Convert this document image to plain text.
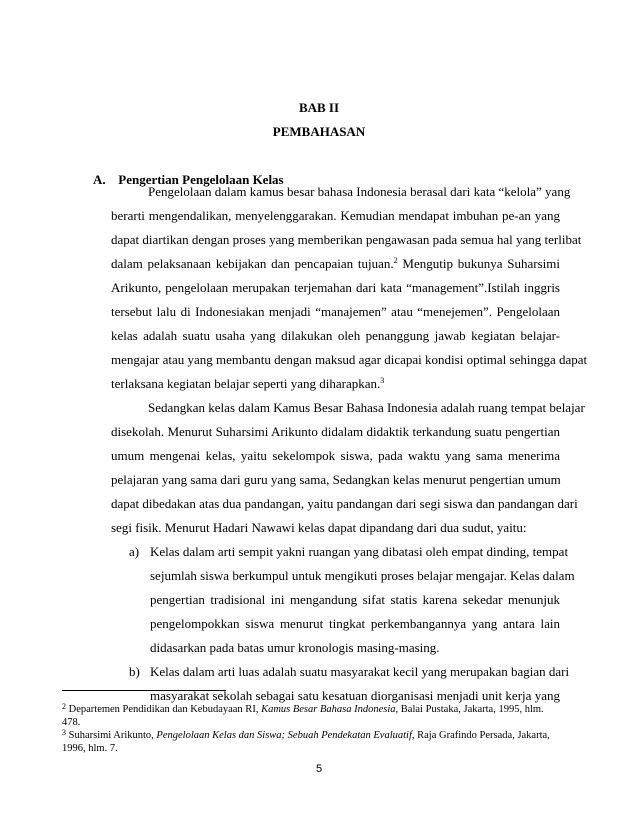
BAB II
PEMBAHASAN
A. Pengertian Pengelolaan Kelas
Pengelolaan dalam kamus besar bahasa Indonesia berasal dari kata “kelola” yang
berarti mengendalikan, menyelenggarakan. Kemudian mendapat imbuhan pe-an yang
dapat diartikan dengan proses yang memberikan pengawasan pada semua hal yang terlibat
dalam pelaksanaan kebijakan dan pencapaian tujuan.$^2$ Mengutip bukunya Suharsimi
Arikunto, pengelolaan merupakan terjemahan dari kata “management”.Istilah inggris
tersebut lalu di Indonesiakan menjadi “manajemen” atau “menejemen”. Pengelolaan
kelas adalah suatu usaha yang dilakukan oleh penanggung jawab kegiatan belajar-
mengajar atau yang membantu dengan maksud agar dicapai kondisi optimal sehingga dapat
terlaksana kegiatan belajar seperti yang diharapkan.$^3$
Sedangkan kelas dalam Kamus Besar Bahasa Indonesia adalah ruang tempat belajar
disekolah. Menurut Suharsimi Arikunto didalam didaktik terkandung suatu pengertian
umum mengenai kelas, yaitu sekelompok siswa, pada waktu yang sama menerima
pelajaran yang sama dari guru yang sama, Sedangkan kelas menurut pengertian umum
dapat dibedakan atas dua pandangan, yaitu pandangan dari segi siswa dan pandangan dari
segi fisik. Menurut Hadari Nawawi kelas dapat dipandang dari dua sudut, yaitu:
a) Kelas dalam arti sempit yakni ruangan yang dibatasi oleh empat dinding, tempat
sejumlah siswa berkumpul untuk mengikuti proses belajar mengajar. Kelas dalam
pengertian tradisional ini mengandung sifat statis karena sekedar menunjuk
pengelompokkan siswa menurut tingkat perkembangannya yang antara lain
didasarkan pada batas umur kronologis masing-masing.
b) Kelas dalam arti luas adalah suatu masyarakat kecil yang merupakan bagian dari
masyarakat sekolah sebagai satu kesatuan diorganisasi menjadi unit kerja yang
$^2$ Departemen Pendidikan dan Kebudayaan RI, Kamus Besar Bahasa Indonesia, Balai Pustaka, Jakarta, 1995, hlm.
478.
$^3$ Suharsimi Arikunto, Pengelolaan Kelas dan Siswa; Sebuah Pendekatan Evaluatif, Raja Grafindo Persada, Jakarta,
1996, hlm. 7.
5
